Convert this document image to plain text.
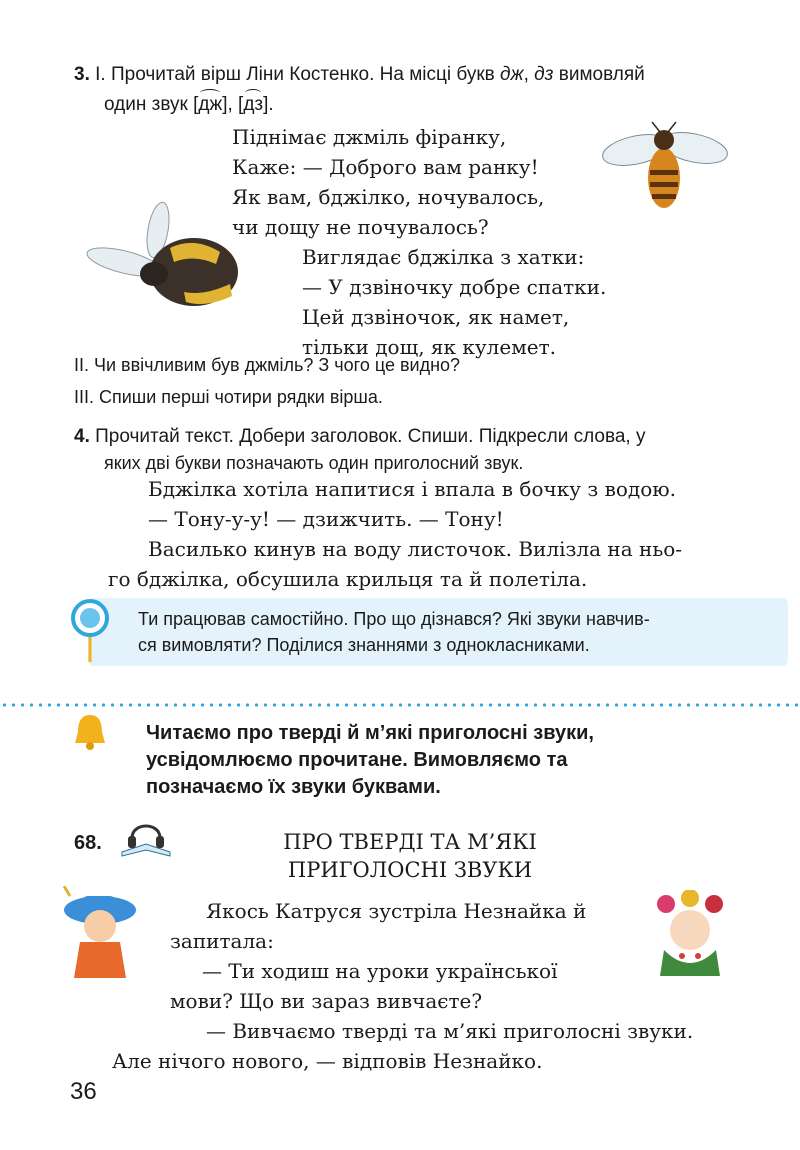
3. І. Прочитай вірш Ліни Костенко. На місці букв дж, дз вимовляй
один звук [дж], [дз].
Піднімає джміль фіранку,
Каже: — Доброго вам ранку!
Як вам, бджілко, ночувалось,
чи дощу не почувалось?
Виглядає бджілка з хатки:
— У дзвіночку добре спатки.
Цей дзвіночок, як намет,
тільки дощ, як кулемет.
ІІ. Чи ввічливим був джміль? З чого це видно?
ІІІ. Спиши перші чотири рядки вірша.
4. Прочитай текст. Добери заголовок. Спиши. Підкресли слова, у
яких дві букви позначають один приголосний звук.
Бджілка хотіла напитися і впала в бочку з водою.
— Тону-у-у! — дзижчить. — Тону!
Василько кинув на воду листочок. Вилізла на ньо-
го бджілка, обсушила крильця та й полетіла.
Ти працював самостійно. Про що дізнався? Які звуки навчив-
ся вимовляти? Поділися знаннями з однокласниками.
Читаємо про тверді й м’які приголосні звуки,
усвідомлюємо прочитане. Вимовляємо та
позначаємо їх звуки буквами.
68.	ПРО ТВЕРДІ ТА М’ЯКІ
ПРИГОЛОСНІ ЗВУКИ
Якось Катруся зустріла Незнайка й
запитала:
— Ти ходиш на уроки української
мови? Що ви зараз вивчаєте?
— Вивчаємо тверді та м’які приголосні звуки.
Але нічого нового, — відповів Незнайко.
36
